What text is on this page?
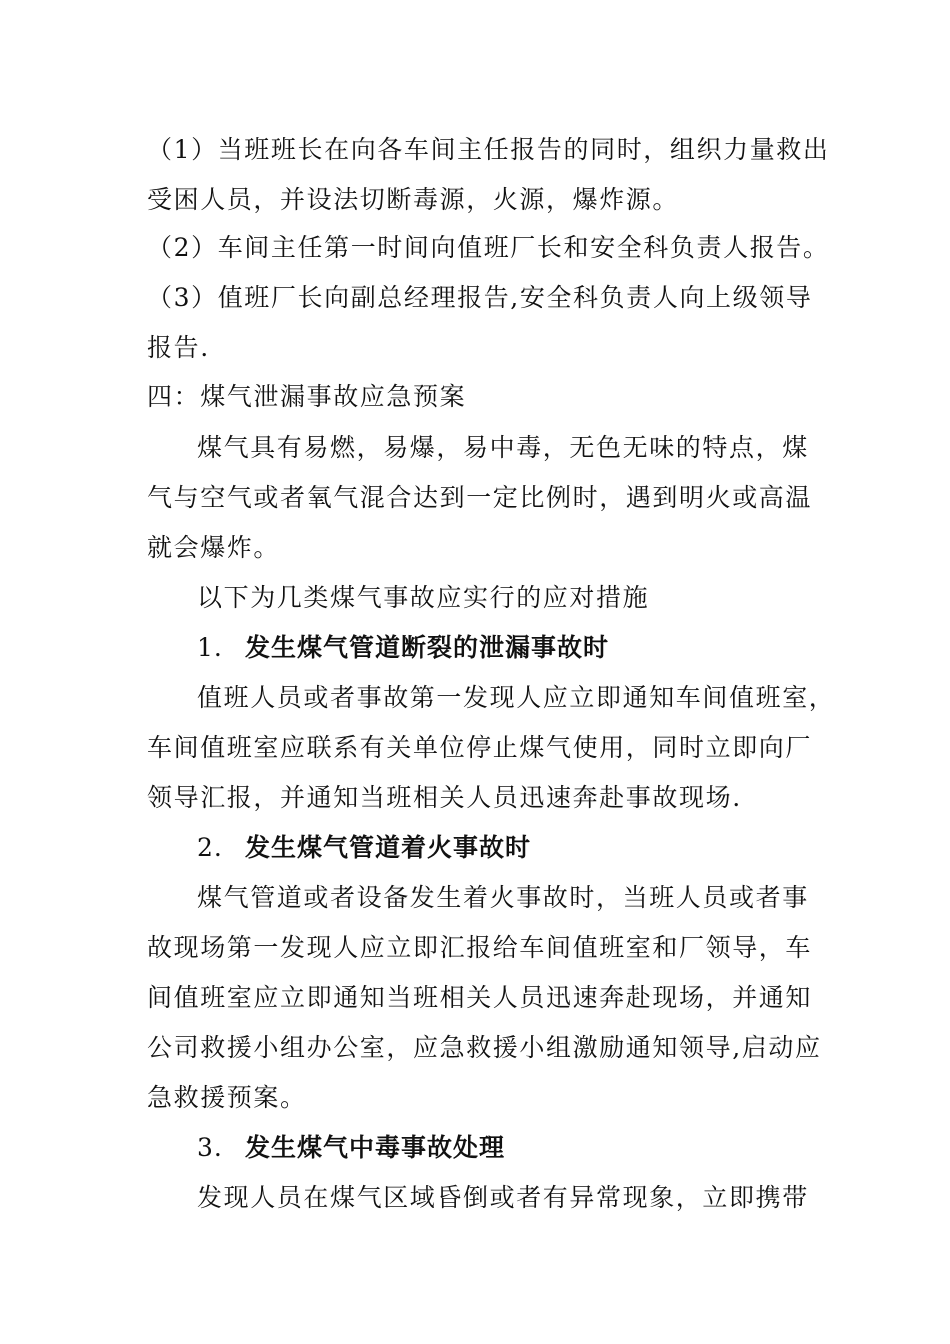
（1）当班班长在向各车间主任报告的同时，组织力量救出
受困人员，并设法切断毒源，火源，爆炸源。
（2）车间主任第一时间向值班厂长和安全科负责人报告。
（3）值班厂长向副总经理报告,安全科负责人向上级领导
报告.
四：煤气泄漏事故应急预案
煤气具有易燃，易爆，易中毒，无色无味的特点，煤
气与空气或者氧气混合达到一定比例时，遇到明火或高温
就会爆炸。
以下为几类煤气事故应实行的应对措施
1. 发生煤气管道断裂的泄漏事故时
值班人员或者事故第一发现人应立即通知车间值班室，
车间值班室应联系有关单位停止煤气使用，同时立即向厂
领导汇报，并通知当班相关人员迅速奔赴事故现场.
2. 发生煤气管道着火事故时
煤气管道或者设备发生着火事故时，当班人员或者事
故现场第一发现人应立即汇报给车间值班室和厂领导，车
间值班室应立即通知当班相关人员迅速奔赴现场，并通知
公司救援小组办公室，应急救援小组激励通知领导,启动应
急救援预案。
3. 发生煤气中毒事故处理
发现人员在煤气区域昏倒或者有异常现象，立即携带
